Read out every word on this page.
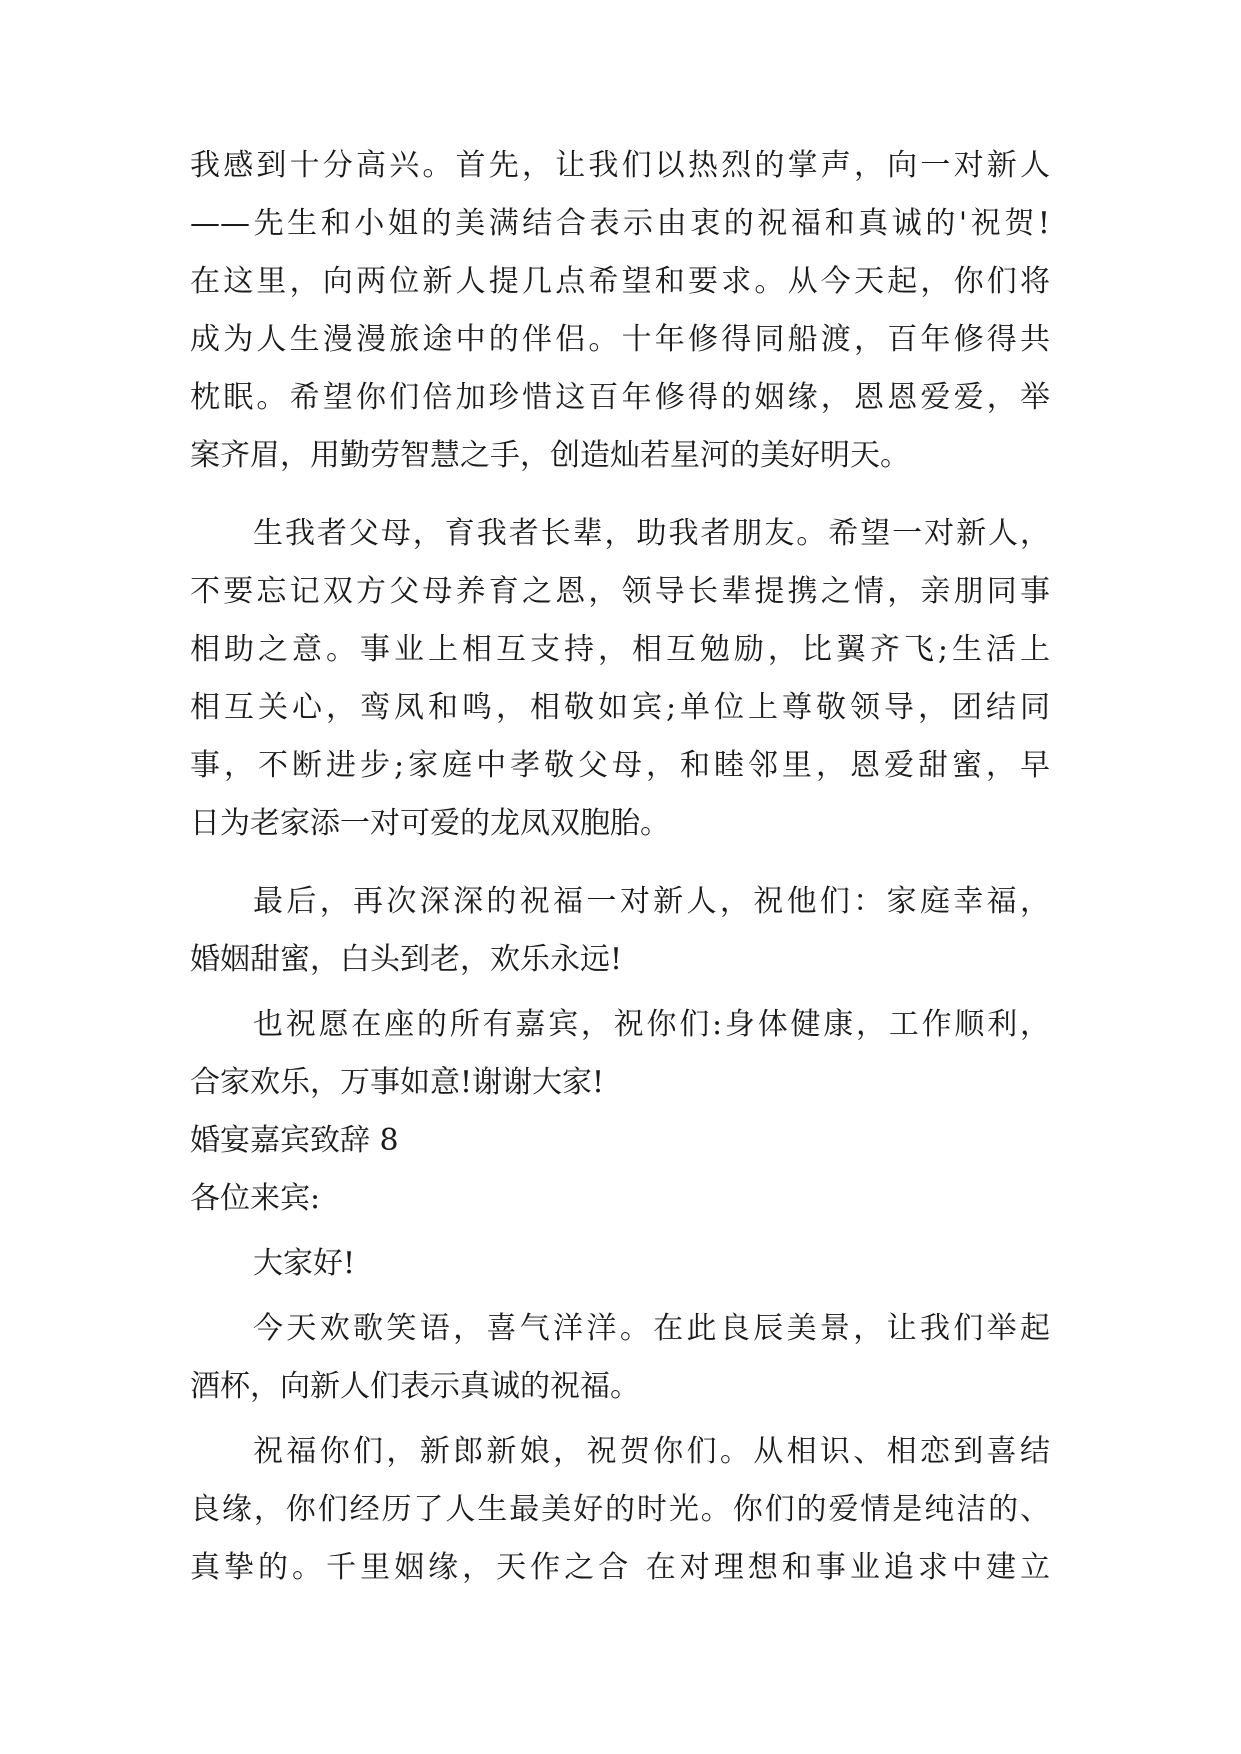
我感到十分高兴。首先，让我们以热烈的掌声，向一对新人
——先生和小姐的美满结合表示由衷的祝福和真诚的'祝贺!
在这里，向两位新人提几点希望和要求。从今天起，你们将
成为人生漫漫旅途中的伴侣。十年修得同船渡，百年修得共
枕眠。希望你们倍加珍惜这百年修得的姻缘，恩恩爱爱，举
案齐眉，用勤劳智慧之手，创造灿若星河的美好明天。
生我者父母，育我者长辈，助我者朋友。希望一对新人，
不要忘记双方父母养育之恩，领导长辈提携之情，亲朋同事
相助之意。事业上相互支持，相互勉励，比翼齐飞;生活上
相互关心，鸾凤和鸣，相敬如宾;单位上尊敬领导，团结同
事，不断进步;家庭中孝敬父母，和睦邻里，恩爱甜蜜，早
日为老家添一对可爱的龙凤双胞胎。
最后，再次深深的祝福一对新人，祝他们：家庭幸福，
婚姻甜蜜，白头到老，欢乐永远!
也祝愿在座的所有嘉宾，祝你们:身体健康，工作顺利，
合家欢乐，万事如意!谢谢大家!
婚宴嘉宾致辞 8
各位来宾:
大家好!
今天欢歌笑语，喜气洋洋。在此良辰美景，让我们举起
酒杯，向新人们表示真诚的祝福。
祝福你们，新郎新娘，祝贺你们。从相识、相恋到喜结
良缘，你们经历了人生最美好的时光。你们的爱情是纯洁的、
真挚的。千里姻缘，天作之合 在对理想和事业追求中建立
